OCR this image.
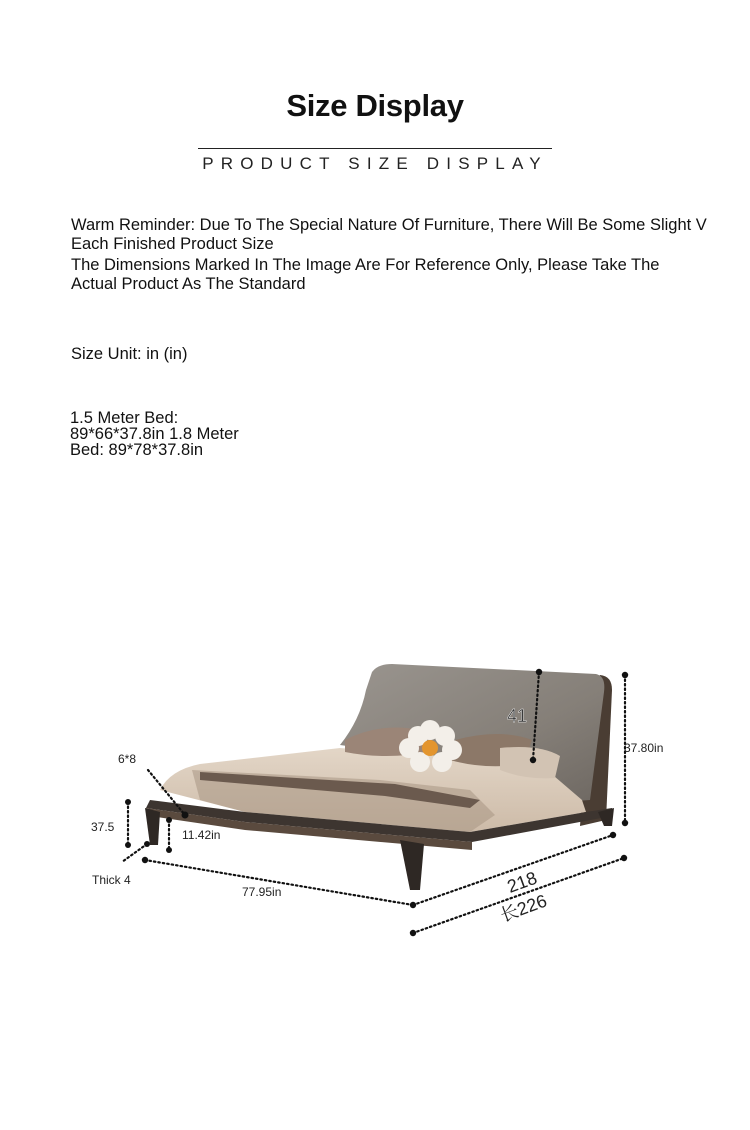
Size Display
PRODUCT SIZE DISPLAY
Warm Reminder: Due To The Special Nature Of Furniture, There Will Be Some Slight V
Each Finished Product Size
The Dimensions Marked In The Image Are For Reference Only, Please Take The
Actual Product As The Standard
Size Unit: in (in)
1.5 Meter Bed:
89*66*37.8in 1.8 Meter
Bed: 89*78*37.8in
41
37.80in
218
长226
77.95in
11.42in
6*8
37.5
Thick 4
